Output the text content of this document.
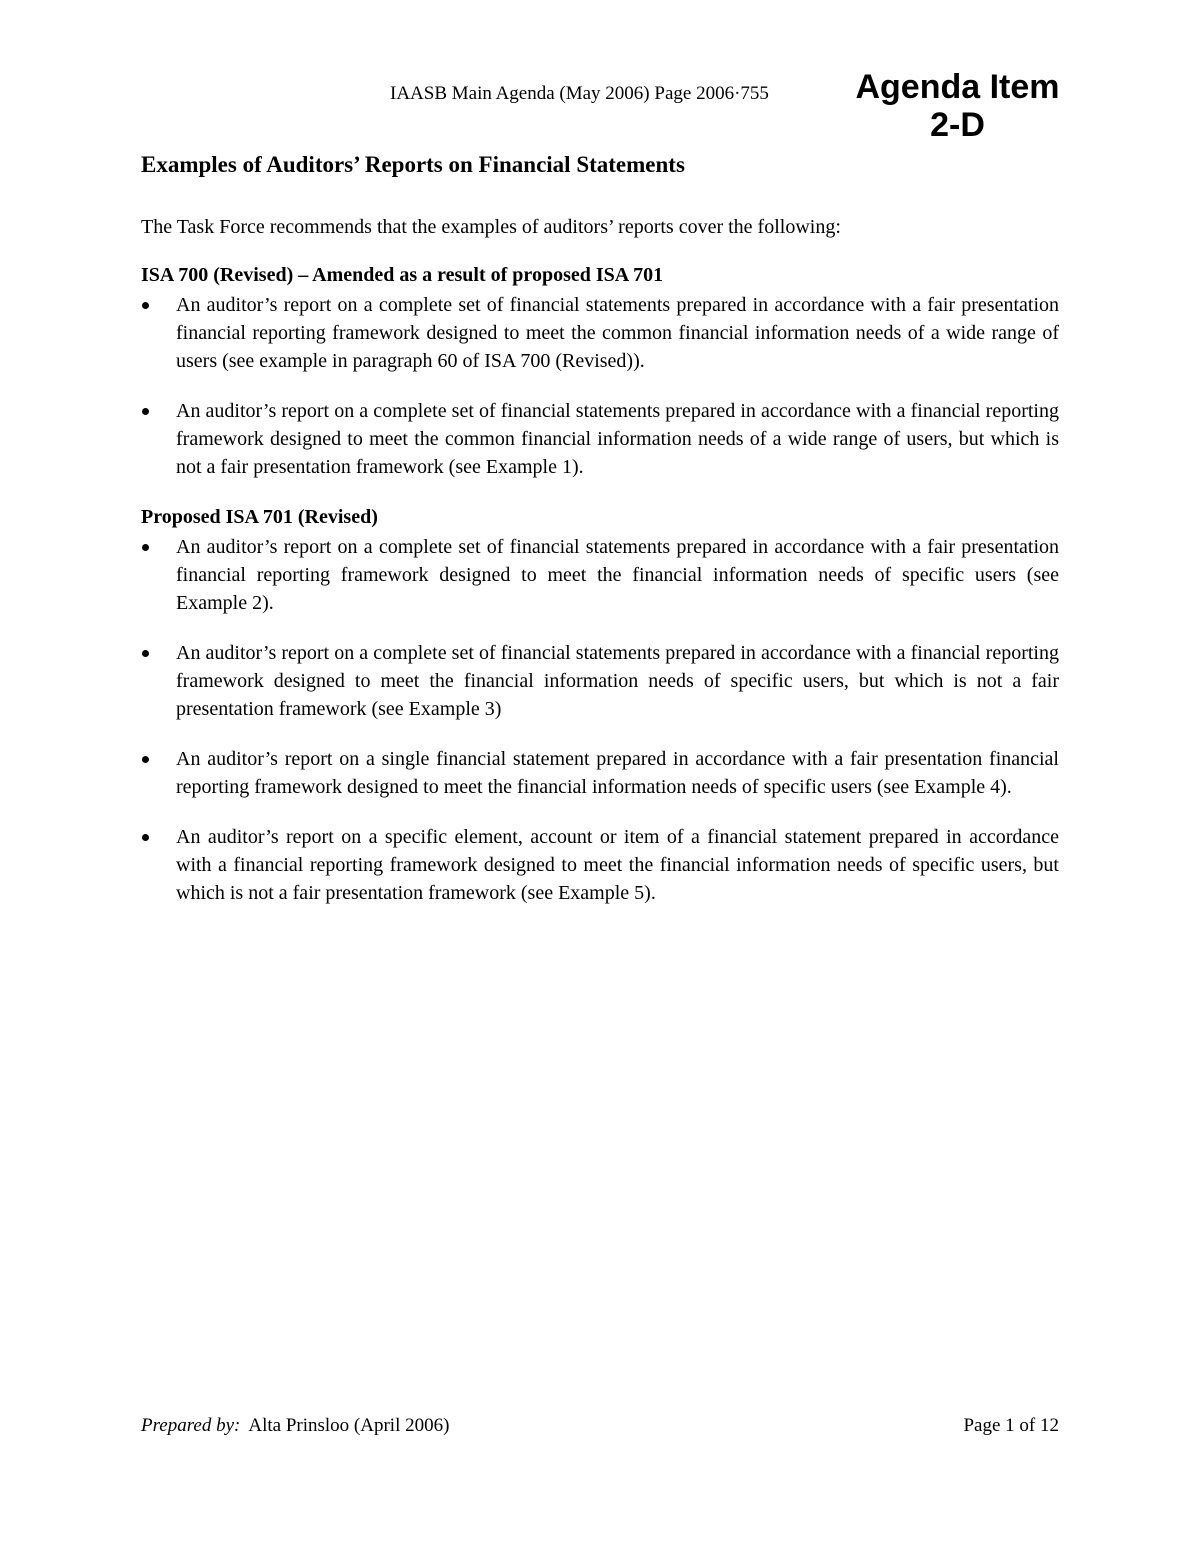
IAASB Main Agenda (May 2006) Page 2006·755	Agenda Item
2-D
Examples of Auditors’ Reports on Financial Statements

The Task Force recommends that the examples of auditors’ reports cover the following:

ISA 700 (Revised) – Amended as a result of proposed ISA 701

An auditor’s report on a complete set of financial statements prepared in accordance with a fair presentation financial reporting framework designed to meet the common financial information needs of a wide range of users (see example in paragraph 60 of ISA 700 (Revised)).
An auditor’s report on a complete set of financial statements prepared in accordance with a financial reporting framework designed to meet the common financial information needs of a wide range of users, but which is not a fair presentation framework (see Example 1).

Proposed ISA 701 (Revised)

An auditor’s report on a complete set of financial statements prepared in accordance with a fair presentation financial reporting framework designed to meet the financial information needs of specific users (see Example 2).
An auditor’s report on a complete set of financial statements prepared in accordance with a financial reporting framework designed to meet the financial information needs of specific users, but which is not a fair presentation framework (see Example 3)
An auditor’s report on a single financial statement prepared in accordance with a fair presentation financial reporting framework designed to meet the financial information needs of specific users (see Example 4).
An auditor’s report on a specific element, account or item of a financial statement prepared in accordance with a financial reporting framework designed to meet the financial information needs of specific users, but which is not a fair presentation framework (see Example 5).
Prepared by: Alta Prinsloo (April 2006)	Page 1 of 12
